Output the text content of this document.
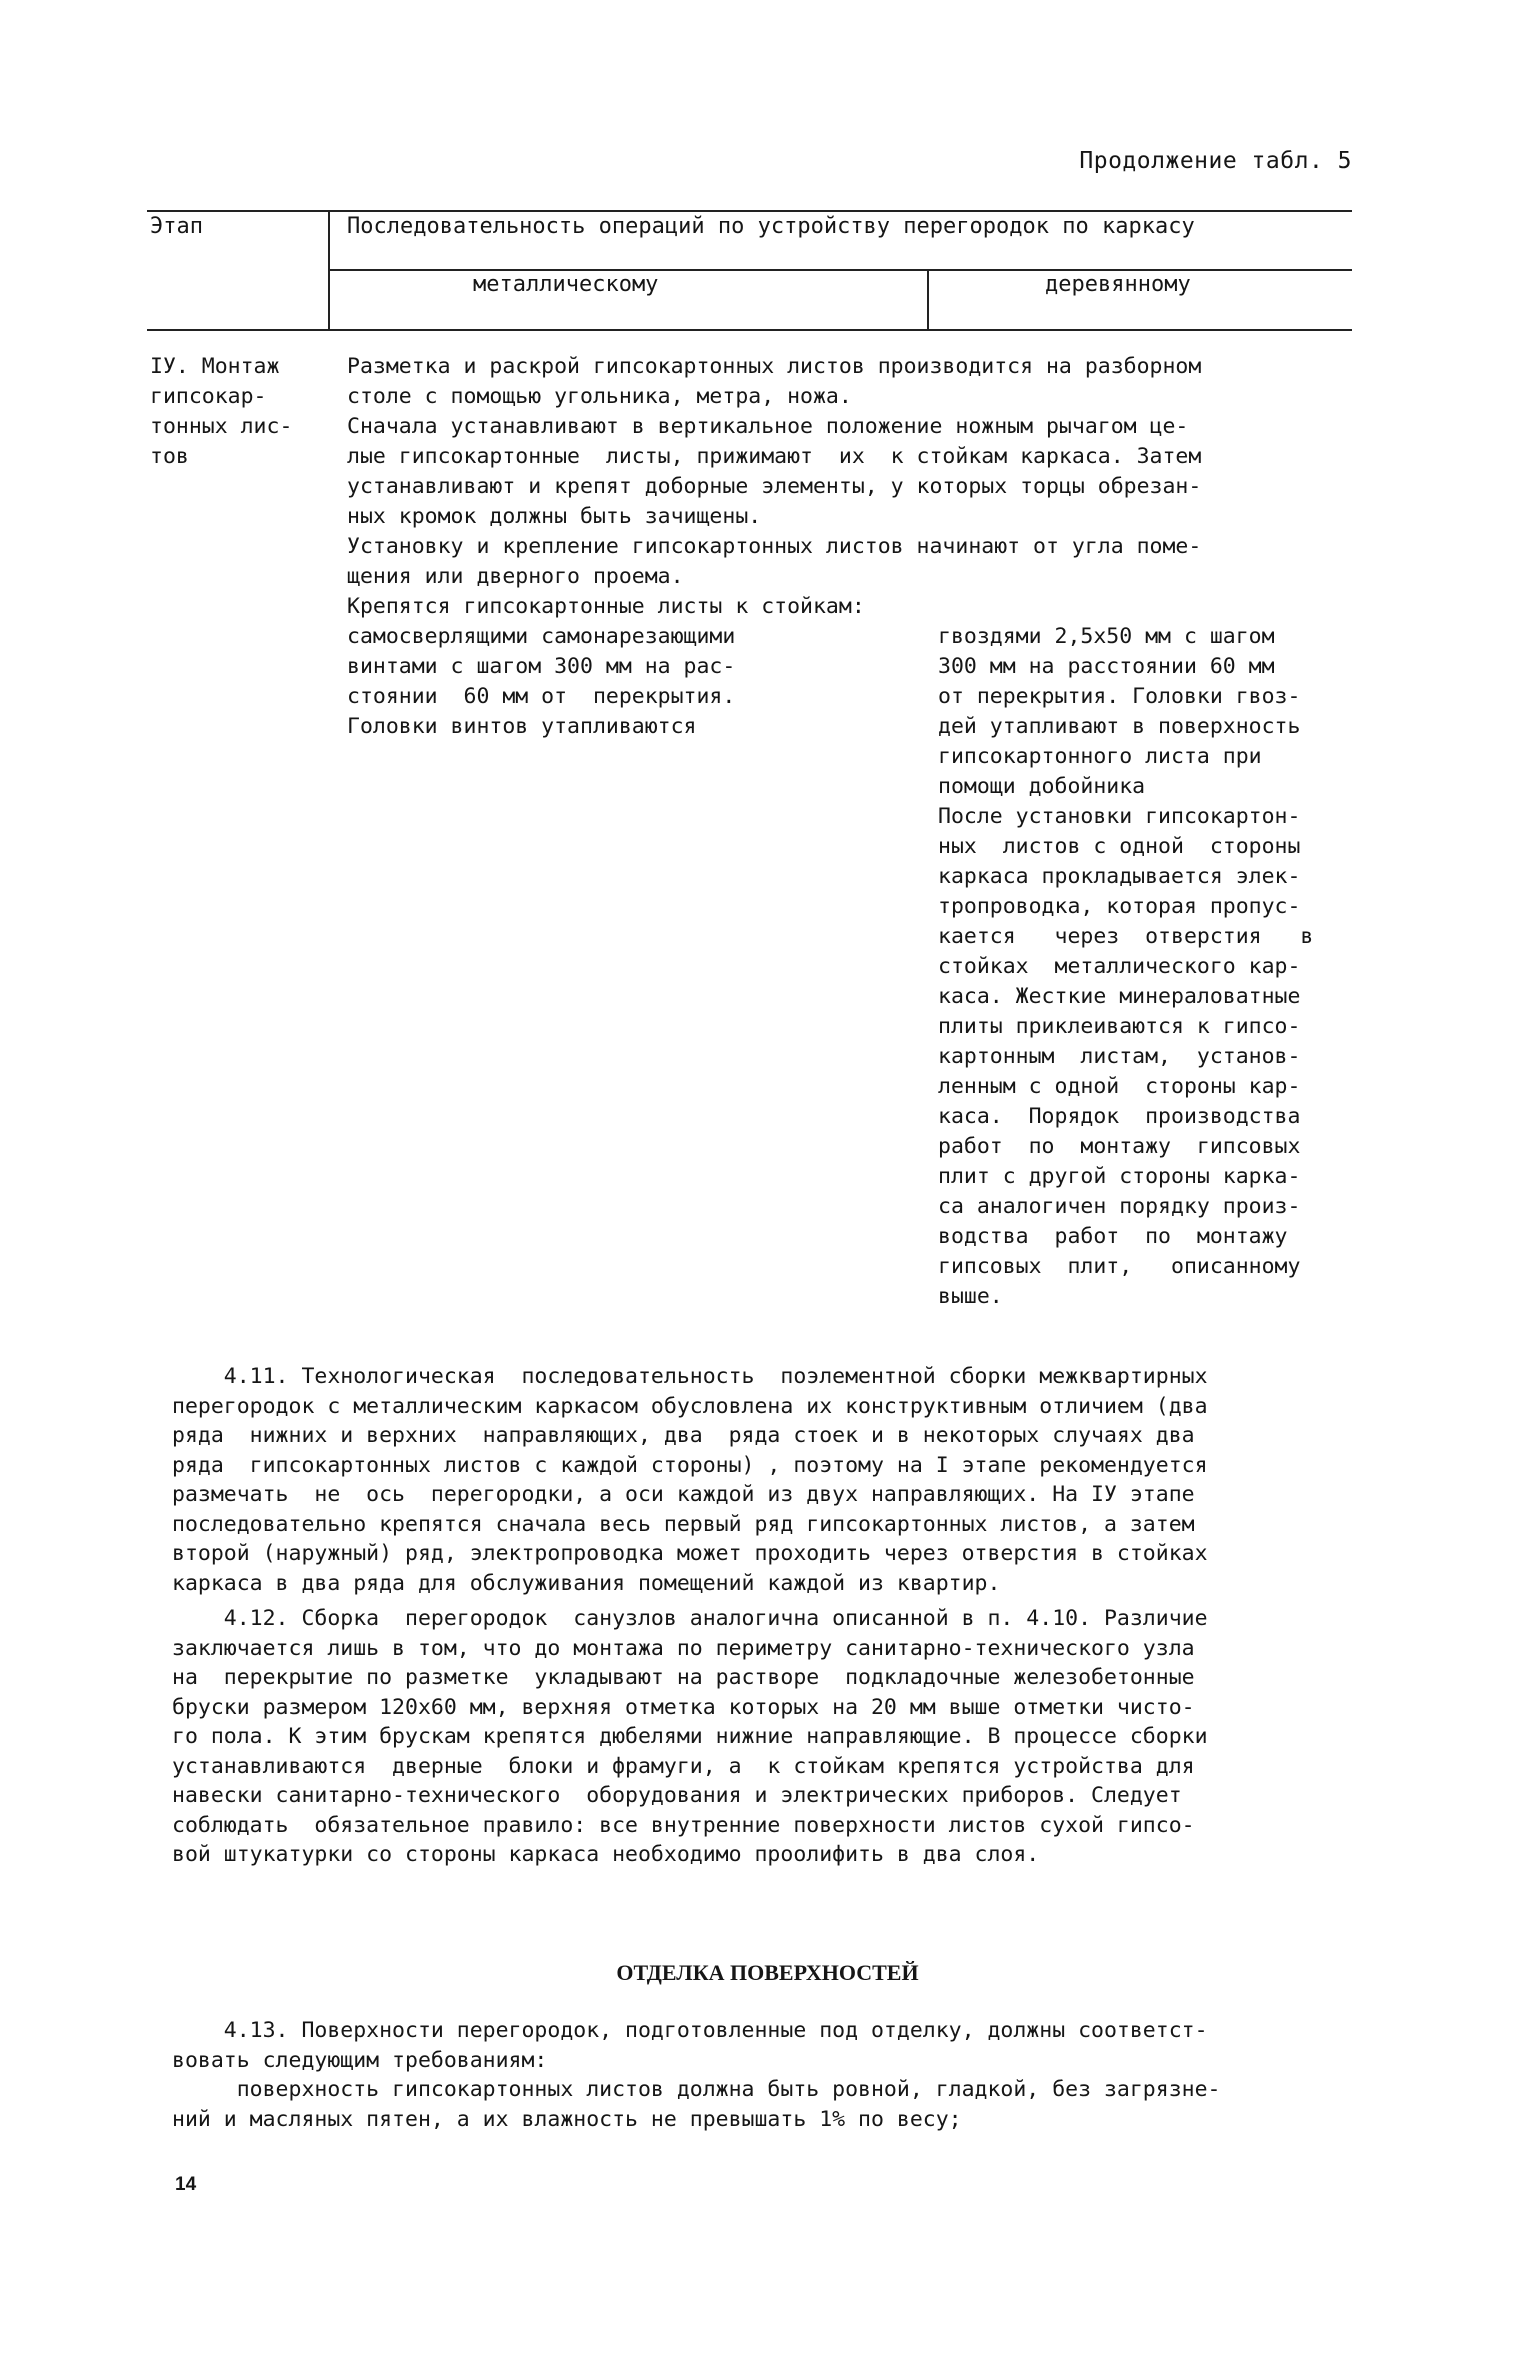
Продолжение табл. 5
Этап	Последовательность операций по устройству перегородок по каркасу
металлическому	деревянному
IУ. Монтаж
гипсокар-
тонных лис-
тов
Разметка и раскрой гипсокартонных листов производится на разборном
столе с помощью угольника, метра, ножа.
Сначала устанавливают в вертикальное положение ножным рычагом це-
лые гипсокартонные  листы, прижимают  их  к стойкам каркаса. Затем
устанавливают и крепят доборные элементы, у которых торцы обрезан-
ных кромок должны быть зачищены.
Установку и крепление гипсокартонных листов начинают от угла поме-
щения или дверного проема.
Крепятся гипсокартонные листы к стойкам:
самосверлящими самонарезающими
винтами с шагом 300 мм на рас-
стоянии  60 мм от  перекрытия.
Головки винтов утапливаются
гвоздями 2,5х50 мм с шагом
300 мм на расстоянии 60 мм
от перекрытия. Головки гвоз-
дей утапливают в поверхность
гипсокартонного листа при
помощи добойника
После установки гипсокартон-
ных  листов с одной  стороны
каркаса прокладывается элек-
тропроводка, которая пропус-
кается   через  отверстия   в
стойках  металлического кар-
каса. Жесткие минераловатные
плиты приклеиваются к гипсо-
картонным  листам,  установ-
ленным с одной  стороны кар-
каса.  Порядок  производства
работ  по  монтажу  гипсовых
плит с другой стороны карка-
са аналогичен порядку произ-
водства  работ  по  монтажу
гипсовых  плит,   описанному
выше.
4.11. Технологическая  последовательность  поэлементной сборки межквартирных
перегородок с металлическим каркасом обусловлена их конструктивным отличием (два
ряда  нижних и верхних  направляющих, два  ряда стоек и в некоторых случаях два
ряда  гипсокартонных листов с каждой стороны) , поэтому на I этапе рекомендуется
размечать  не  ось  перегородки, а оси каждой из двух направляющих. На IУ этапе
последовательно крепятся сначала весь первый ряд гипсокартонных листов, а затем
второй (наружный) ряд, электропроводка может проходить через отверстия в стойках
каркаса в два ряда для обслуживания помещений каждой из квартир.
4.12. Сборка  перегородок  санузлов аналогична описанной в п. 4.10. Различие
заключается лишь в том, что до монтажа по периметру санитарно-технического узла
на  перекрытие по разметке  укладывают на растворе  подкладочные железобетонные
бруски размером 120х60 мм, верхняя отметка которых на 20 мм выше отметки чисто-
го пола. К этим брускам крепятся дюбелями нижние направляющие. В процессе сборки
устанавливаются  дверные  блоки и фрамуги, а  к стойкам крепятся устройства для
навески санитарно-технического  оборудования и электрических приборов. Следует
соблюдать  обязательное правило: все внутренние поверхности листов сухой гипсо-
вой штукатурки со стороны каркаса необходимо проолифить в два слоя.
ОТДЕЛКА ПОВЕРХНОСТЕЙ
4.13. Поверхности перегородок, подготовленные под отделку, должны соответст-
вовать следующим требованиям:
поверхность гипсокартонных листов должна быть ровной, гладкой, без загрязне-
ний и масляных пятен, а их влажность не превышать 1% по весу;
14
